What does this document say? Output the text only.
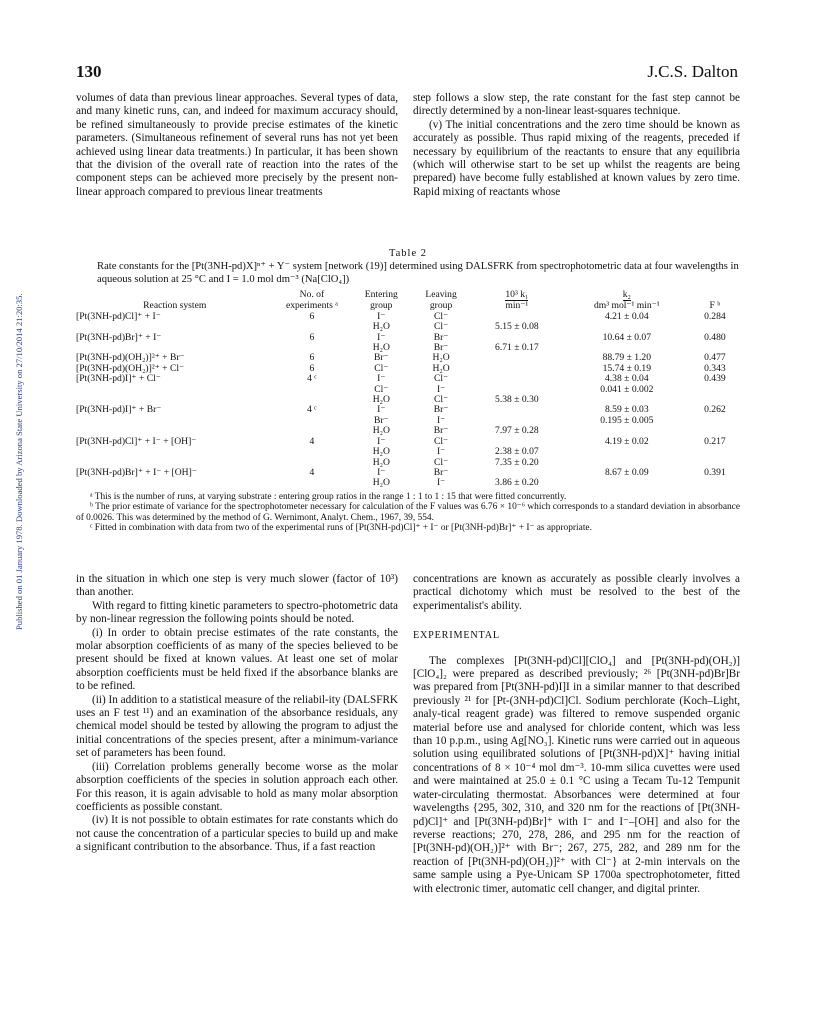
Published on 01 January 1978. Downloaded by Arizona State University on 27/10/2014 21:20:35.
130	J.C.S. Dalton

volumes of data than previous linear approaches. Several types of data, and many kinetic runs, can, and indeed for maximum accuracy should, be refined simultaneously to provide precise estimates of the kinetic parameters. (Simultaneous refinement of several runs has not yet been achieved using linear data treatments.) In particular, it has been shown that the division of the overall rate of reaction into the rates of the component steps can be achieved more precisely by the present non-linear approach compared to previous linear treatments

step follows a slow step, the rate constant for the fast step cannot be directly determined by a non-linear least-squares technique.

(v) The initial concentrations and the zero time should be known as accurately as possible. Thus rapid mixing of the reagents, preceded if necessary by equilibrium of the reactants to ensure that any equilibria (which will otherwise start to be set up whilst the reagents are being prepared) have become fully established at known values by zero time. Rapid mixing of reactants whose

Table 2
Rate constants for the [Pt(3NH-pd)X]ⁿ⁺ + Y⁻ system [network (19)] determined using DALSFRK from spectrophotometric data at four wavelengths in aqueous solution at 25 °C and I = 1.0 mol dm⁻³ (Na[ClO₄])
	No. of	Entering	Leaving	10³ k₁	k₂	
Reaction system	experiments ᵃ	group	group	min⁻¹	dm³ mol⁻¹ min⁻¹	F ᵇ
[Pt(3NH-pd)Cl]⁺ + I⁻	6	I⁻	Cl⁻		4.21 ± 0.04	0.284
		H₂O	Cl⁻	5.15 ± 0.08		
[Pt(3NH-pd)Br]⁺ + I⁻	6	I⁻	Br⁻		10.64 ± 0.07	0.480
		H₂O	Br⁻	6.71 ± 0.17		
[Pt(3NH-pd)(OH₂)]²⁺ + Br⁻	6	Br⁻	H₂O		88.79 ± 1.20	0.477
[Pt(3NH-pd)(OH₂)]²⁺ + Cl⁻	6	Cl⁻	H₂O		15.74 ± 0.19	0.343
[Pt(3NH-pd)I]⁺ + Cl⁻	4 ᶜ	I⁻	Cl⁻		4.38 ± 0.04	0.439
		Cl⁻	I⁻		0.041 ± 0.002	
		H₂O	Cl⁻	5.38 ± 0.30		
[Pt(3NH-pd)I]⁺ + Br⁻	4 ᶜ	I⁻	Br⁻		8.59 ± 0.03	0.262
		Br⁻	I⁻		0.195 ± 0.005	
		H₂O	Br⁻	7.97 ± 0.28		
[Pt(3NH-pd)Cl]⁺ + I⁻ + [OH]⁻	4	I⁻	Cl⁻		4.19 ± 0.02	0.217
		H₂O	I⁻	2.38 ± 0.07		
		H₂O	Cl⁻	7.35 ± 0.20		
[Pt(3NH-pd)Br]⁺ + I⁻ + [OH]⁻	4	I⁻	Br⁻		8.67 ± 0.09	0.391
		H₂O	I⁻	3.86 ± 0.20		

ᵃ This is the number of runs, at varying substrate : entering group ratios in the range 1 : 1 to 1 : 15 that were fitted concurrently.

ᵇ The prior estimate of variance for the spectrophotometer necessary for calculation of the F values was 6.76 × 10⁻⁶ which corresponds to a standard deviation in absorbance of 0.0026. This was determined by the method of G. Wernimont, Analyt. Chem., 1967, 39, 554.

ᶜ Fitted in combination with data from two of the experimental runs of [Pt(3NH-pd)Cl]⁺ + I⁻ or [Pt(3NH-pd)Br]⁺ + I⁻ as appropriate.

in the situation in which one step is very much slower (factor of 10³) than another.

With regard to fitting kinetic parameters to spectro-photometric data by non-linear regression the following points should be noted.

(i) In order to obtain precise estimates of the rate constants, the molar absorption coefficients of as many of the species believed to be present should be fixed at known values. At least one set of molar absorption coefficients must be held fixed if the absorbance blanks are to be refined.

(ii) In addition to a statistical measure of the reliabil-ity (DALSFRK uses an F test ¹¹) and an examination of the absorbance residuals, any chemical model should be tested by allowing the program to adjust the initial concentrations of the species present, after a minimum-variance set of parameters has been found.

(iii) Correlation problems generally become worse as the molar absorption coefficients of the species in solution approach each other. For this reason, it is again advisable to hold as many molar absorption coefficients as possible constant.

(iv) It is not possible to obtain estimates for rate constants which do not cause the concentration of a particular species to build up and make a significant contribution to the absorbance. Thus, if a fast reaction

concentrations are known as accurately as possible clearly involves a practical dichotomy which must be resolved to the best of the experimentalist's ability.

EXPERIMENTAL

The complexes [Pt(3NH-pd)Cl][ClO₄] and [Pt(3NH-pd)(OH₂)][ClO₄]₂ were prepared as described previously; ²⁶ [Pt(3NH-pd)Br]Br was prepared from [Pt(3NH-pd)I]I in a similar manner to that described previously ²¹ for [Pt-(3NH-pd)Cl]Cl. Sodium perchlorate (Koch–Light, analy-tical reagent grade) was filtered to remove suspended organic material before use and analysed for chloride content, which was less than 10 p.p.m., using Ag[NO₃]. Kinetic runs were carried out in aqueous solution using equilibrated solutions of [Pt(3NH-pd)X]⁺ having initial concentrations of 8 × 10⁻⁴ mol dm⁻³. 10-mm silica cuvettes were used and were maintained at 25.0 ± 0.1 °C using a Tecam Tu-12 Tempunit water-circulating thermostat. Absorbances were determined at four wavelengths {295, 302, 310, and 320 nm for the reactions of [Pt(3NH-pd)Cl]⁺ and [Pt(3NH-pd)Br]⁺ with I⁻ and I⁻–[OH] and also for the reverse reactions; 270, 278, 286, and 295 nm for the reaction of [Pt(3NH-pd)(OH₂)]²⁺ with Br⁻; 267, 275, 282, and 289 nm for the reaction of [Pt(3NH-pd)(OH₂)]²⁺ with Cl⁻} at 2-min intervals on the same sample using a Pye-Unicam SP 1700a spectrophotometer, fitted with electronic timer, automatic cell changer, and digital printer.
